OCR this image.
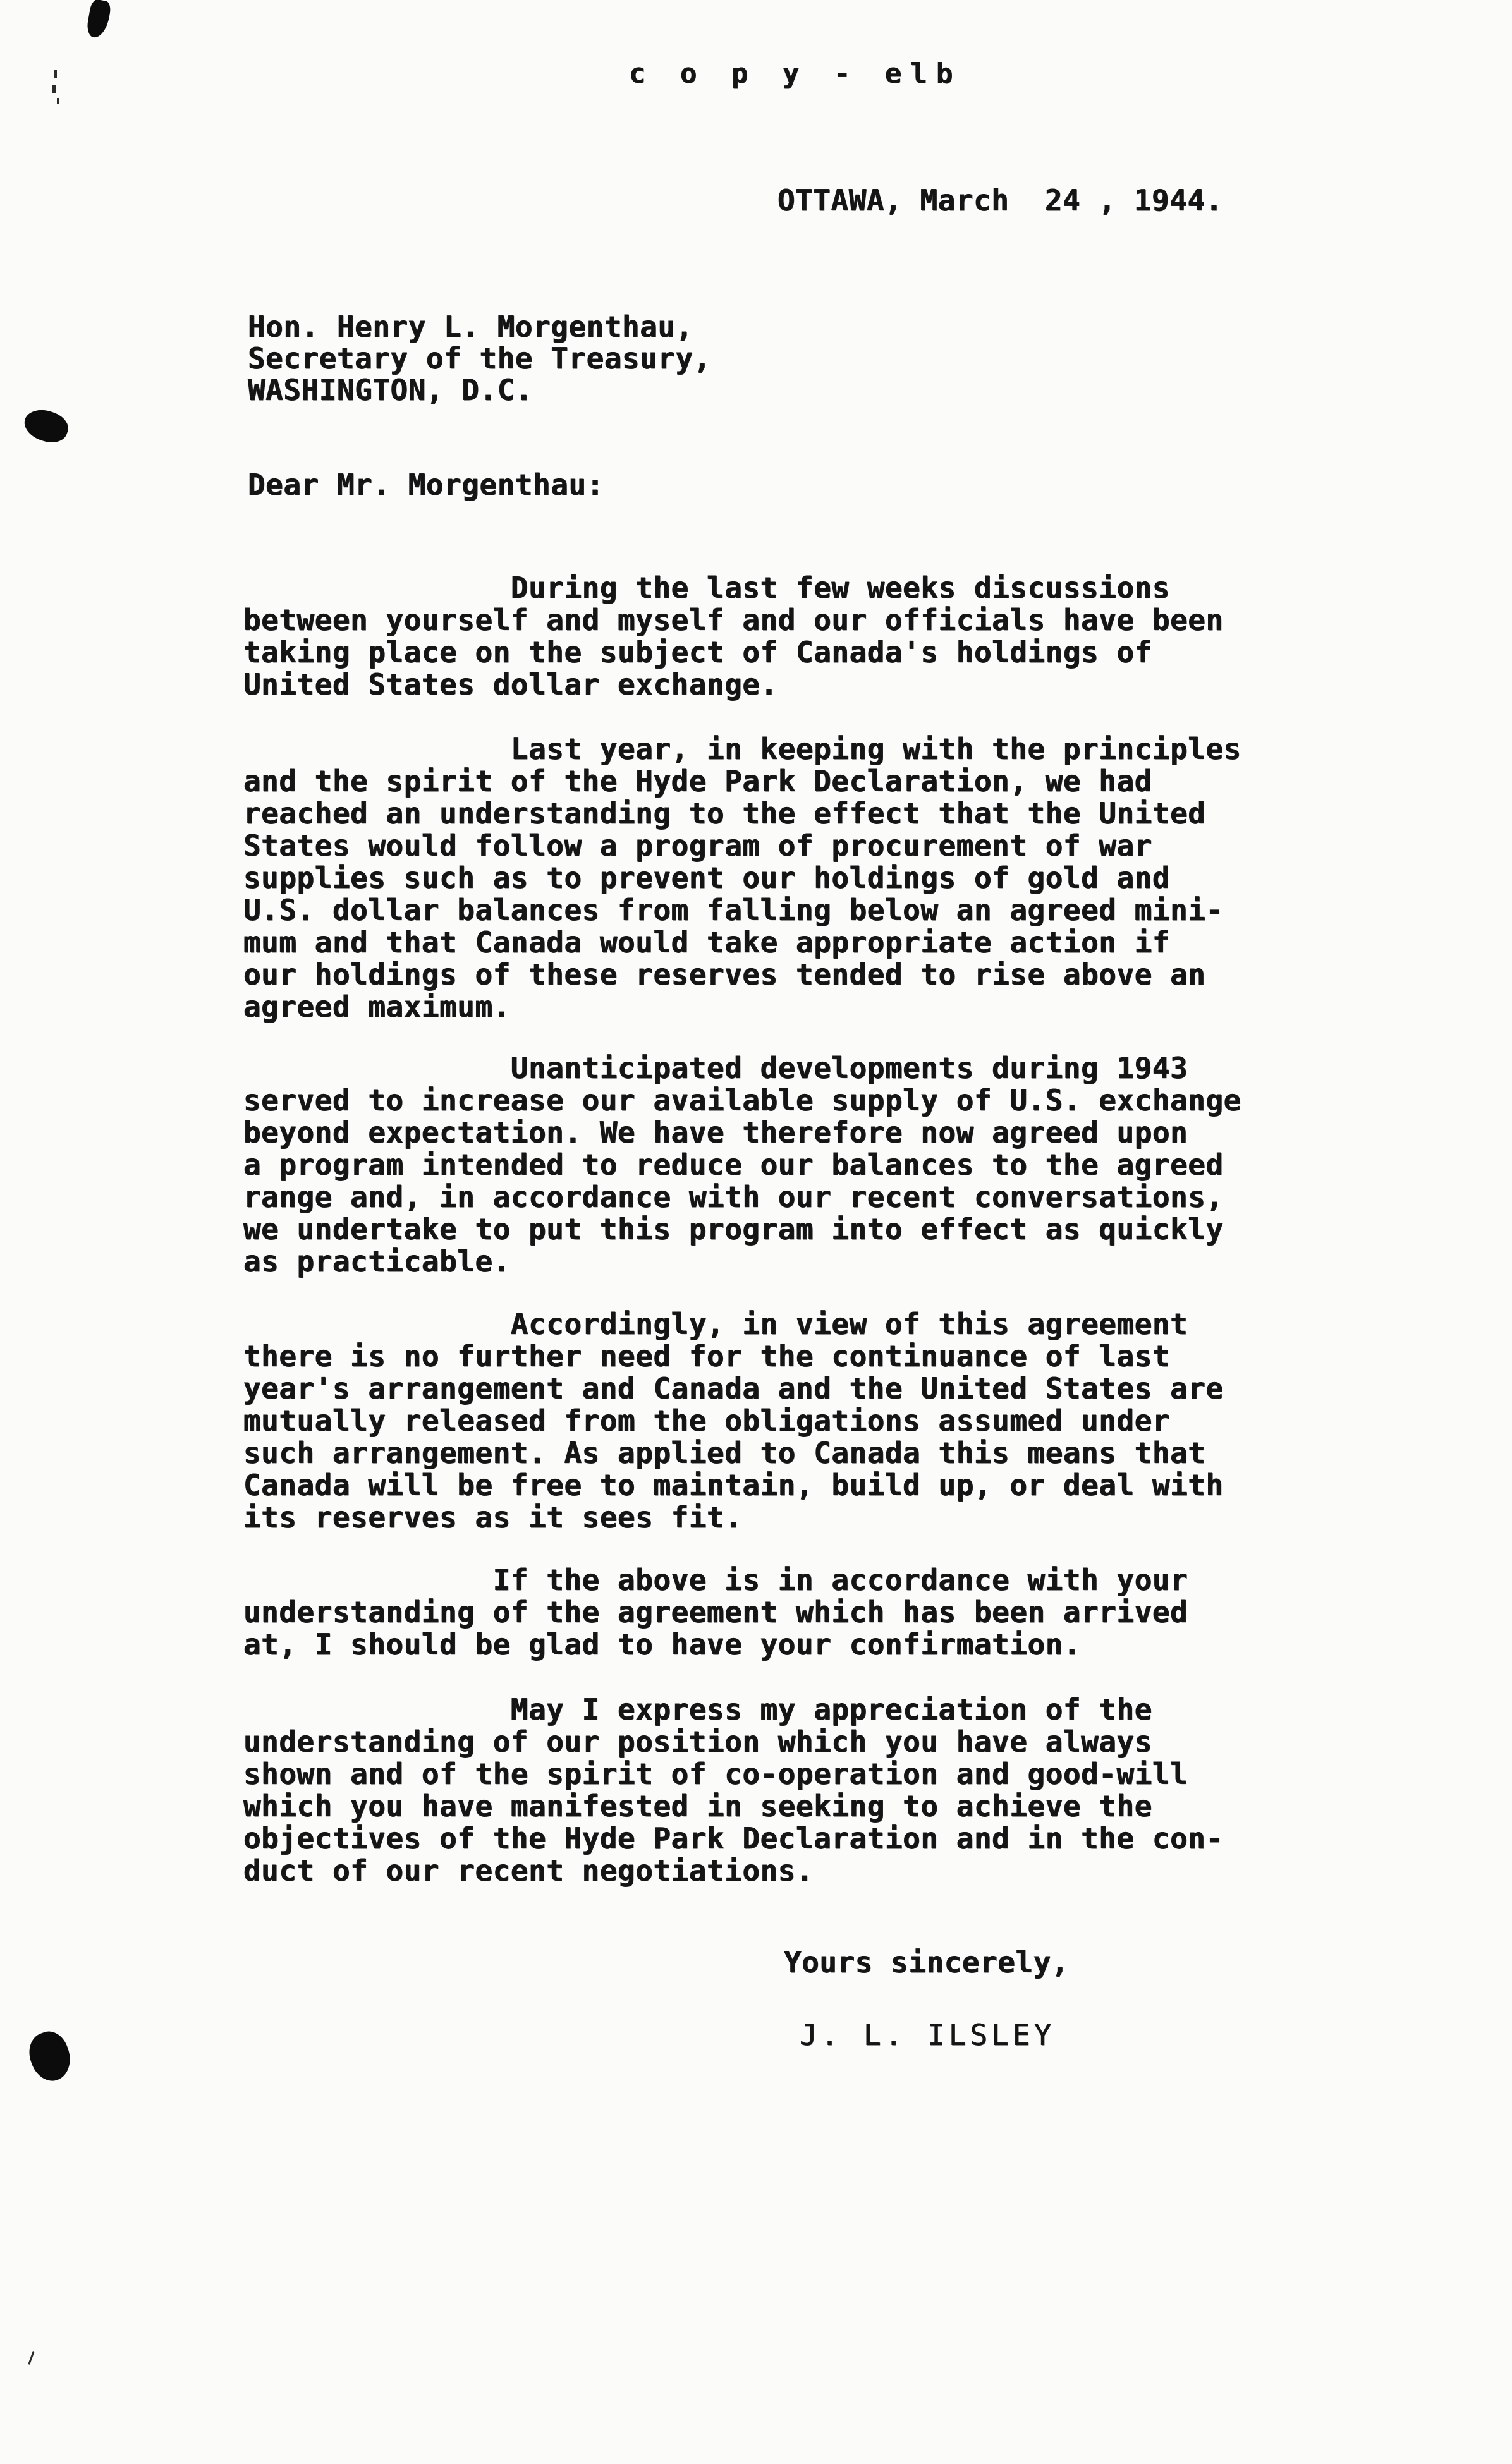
c o p y - elb
OTTAWA, March  24 , 1944.
Hon. Henry L. Morgenthau,
Secretary of the Treasury,
WASHINGTON, D.C.
Dear Mr. Morgenthau:
During the last few weeks discussions
between yourself and myself and our officials have been
taking place on the subject of Canada's holdings of
United States dollar exchange.
Last year, in keeping with the principles
and the spirit of the Hyde Park Declaration, we had
reached an understanding to the effect that the United
States would follow a program of procurement of war
supplies such as to prevent our holdings of gold and
U.S. dollar balances from falling below an agreed mini-
mum and that Canada would take appropriate action if
our holdings of these reserves tended to rise above an
agreed maximum.
Unanticipated developments during 1943
served to increase our available supply of U.S. exchange
beyond expectation. We have therefore now agreed upon
a program intended to reduce our balances to the agreed
range and, in accordance with our recent conversations,
we undertake to put this program into effect as quickly
as practicable.
Accordingly, in view of this agreement
there is no further need for the continuance of last
year's arrangement and Canada and the United States are
mutually released from the obligations assumed under
such arrangement. As applied to Canada this means that
Canada will be free to maintain, build up, or deal with
its reserves as it sees fit.
If the above is in accordance with your
understanding of the agreement which has been arrived
at, I should be glad to have your confirmation.
May I express my appreciation of the
understanding of our position which you have always
shown and of the spirit of co-operation and good-will
which you have manifested in seeking to achieve the
objectives of the Hyde Park Declaration and in the con-
duct of our recent negotiations.
Yours sincerely,
J. L. ILSLEY
